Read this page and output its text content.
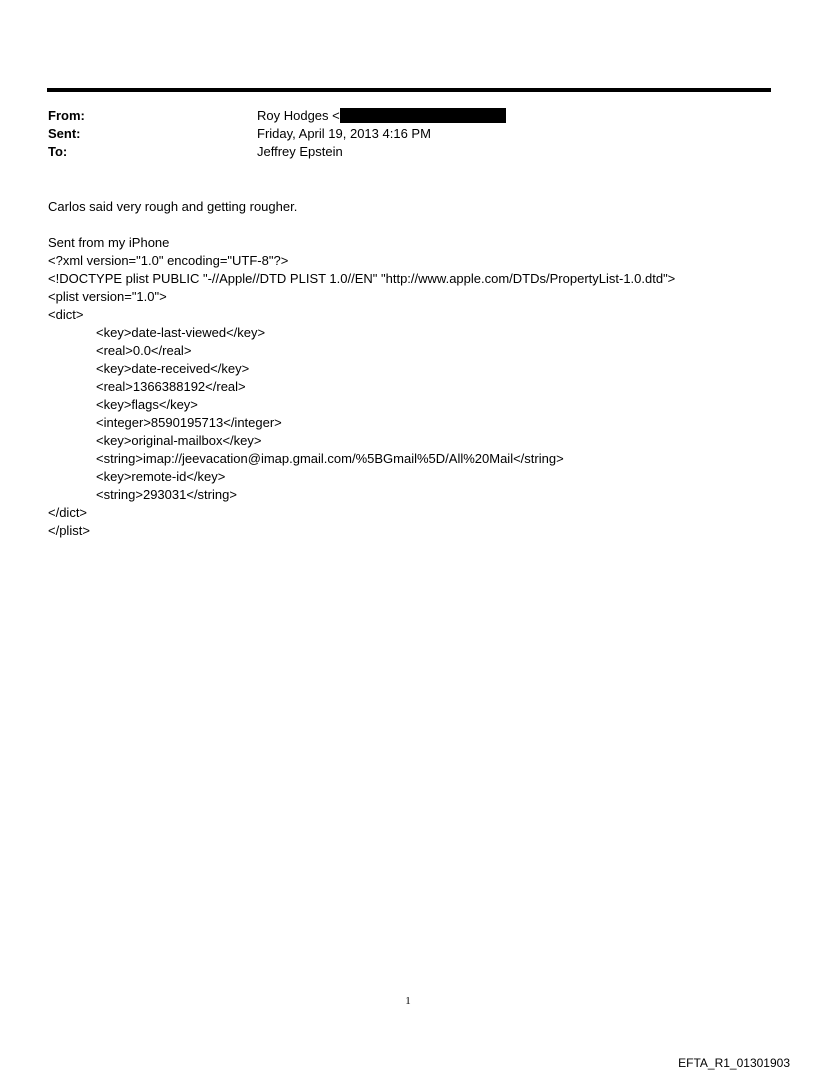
From:	Roy Hodges <
Sent:	Friday, April 19, 2013 4:16 PM
To:	Jeffrey Epstein
Carlos said very rough and getting rougher.
Sent from my iPhone
<?xml version="1.0" encoding="UTF-8"?>
<!DOCTYPE plist PUBLIC "-//Apple//DTD PLIST 1.0//EN" "http://www.apple.com/DTDs/PropertyList-1.0.dtd">
<plist version="1.0">
<dict>
<key>date-last-viewed</key>
<real>0.0</real>
<key>date-received</key>
<real>1366388192</real>
<key>flags</key>
<integer>8590195713</integer>
<key>original-mailbox</key>
<string>imap://jeevacation@imap.gmail.com/%5BGmail%5D/All%20Mail</string>
<key>remote-id</key>
<string>293031</string>
</dict>
</plist>
1
EFTA_R1_01301903
